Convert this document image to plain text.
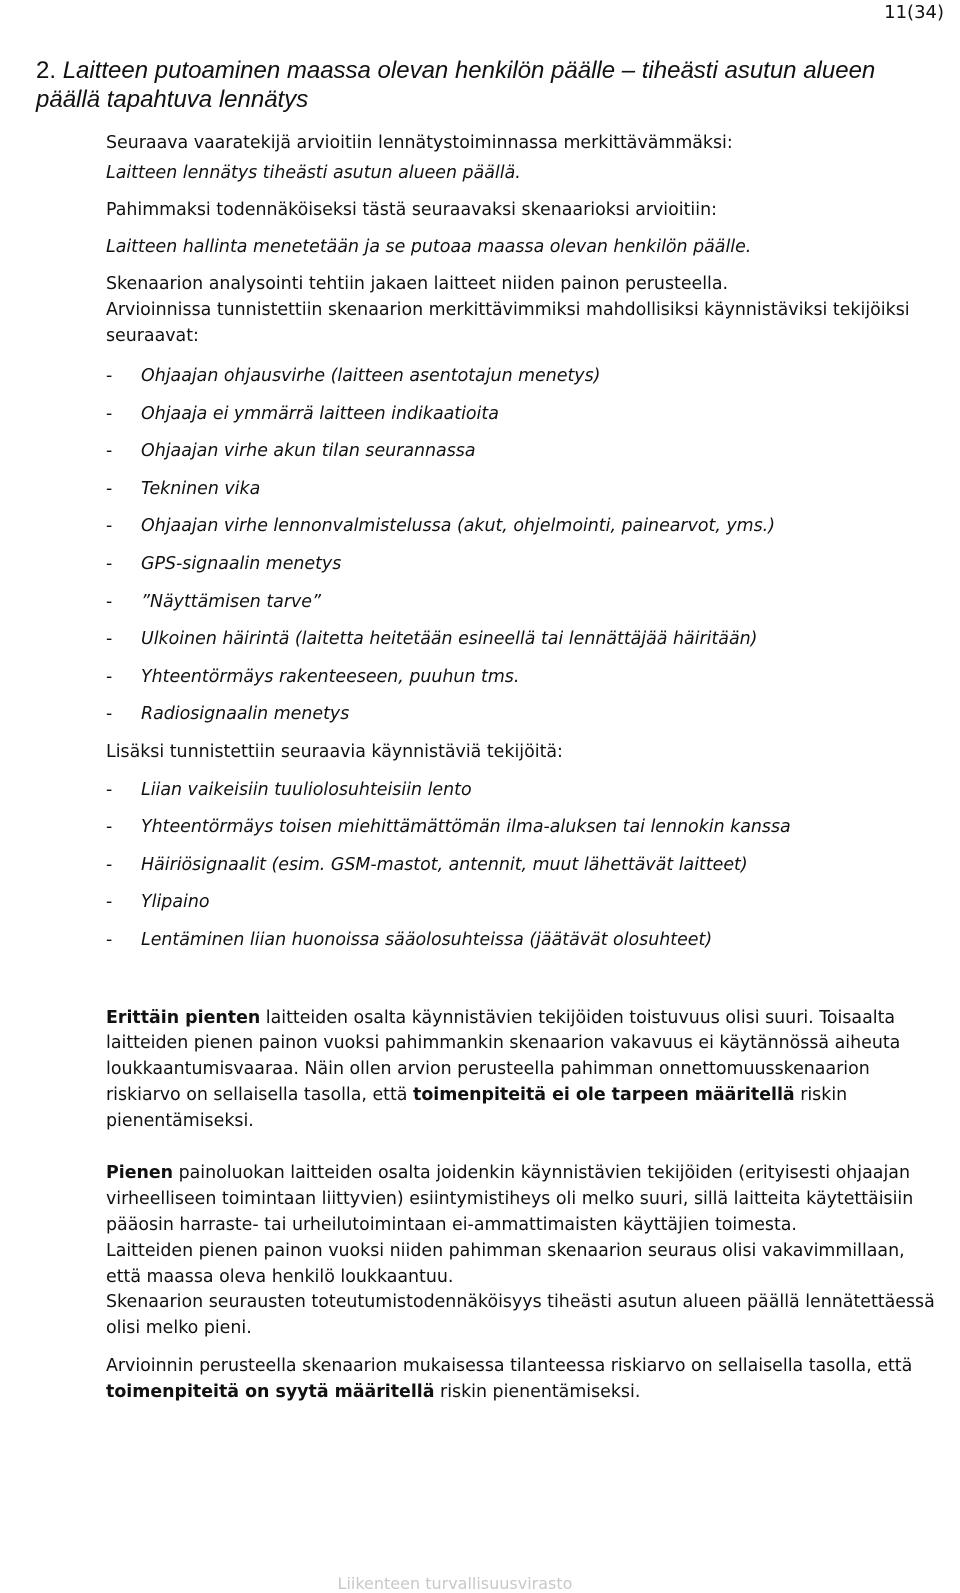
11(34)
2. Laitteen putoaminen maassa olevan henkilön päälle – tiheästi asutun alueen päällä tapahtuva lennätys
Seuraava vaaratekijä arvioitiin lennätystoiminnassa merkittävämmäksi:
Laitteen lennätys tiheästi asutun alueen päällä.
Pahimmaksi todennäköiseksi tästä seuraavaksi skenaarioksi arvioitiin:
Laitteen hallinta menetetään ja se putoaa maassa olevan henkilön päälle.
Skenaarion analysointi tehtiin jakaen laitteet niiden painon perusteella.

Arvioinnissa tunnistettiin skenaarion merkittävimmiksi mahdollisiksi käynnistäviksi tekijöiksi seuraavat:

- Ohjaajan ohjausvirhe (laitteen asentotajun menetys)
- Ohjaaja ei ymmärrä laitteen indikaatioita
- Ohjaajan virhe akun tilan seurannassa
- Tekninen vika
- Ohjaajan virhe lennonvalmistelussa (akut, ohjelmointi, painearvot, yms.)
- GPS-signaalin menetys
- ”Näyttämisen tarve”
- Ulkoinen häirintä (laitetta heitetään esineellä tai lennättäjää häiritään)
- Yhteentörmäys rakenteeseen, puuhun tms.
- Radiosignaalin menetys
Lisäksi tunnistettiin seuraavia käynnistäviä tekijöitä:
- Liian vaikeisiin tuuliolosuhteisiin lento
- Yhteentörmäys toisen miehittämättömän ilma-aluksen tai lennokin kanssa
- Häiriösignaalit (esim. GSM-mastot, antennit, muut lähettävät laitteet)
- Ylipaino
- Lentäminen liian huonoissa sääolosuhteissa (jäätävät olosuhteet)

Erittäin pienten laitteiden osalta käynnistävien tekijöiden toistuvuus olisi suuri. Toisaalta laitteiden pienen painon vuoksi pahimmankin skenaarion vakavuus ei käytännössä aiheuta loukkaantumisvaaraa. Näin ollen arvion perusteella pahimman onnettomuusskenaarion riskiarvo on sellaisella tasolla, että toimenpiteitä ei ole tarpeen määritellä riskin pienentämiseksi.

Pienen painoluokan laitteiden osalta joidenkin käynnistävien tekijöiden (erityisesti ohjaajan virheelliseen toimintaan liittyvien) esiintymistiheys oli melko suuri, sillä laitteita käytettäisiin pääosin harraste- tai urheilutoimintaan ei-ammattimaisten käyttäjien toimesta.

Laitteiden pienen painon vuoksi niiden pahimman skenaarion seuraus olisi vakavimmillaan, että maassa oleva henkilö loukkaantuu.

Skenaarion seurausten toteutumistodennäköisyys tiheästi asutun alueen päällä lennätettäessä olisi melko pieni.

Arvioinnin perusteella skenaarion mukaisessa tilanteessa riskiarvo on sellaisella tasolla, että toimenpiteitä on syytä määritellä riskin pienentämiseksi.

Liikenteen turvallisuusvirasto
